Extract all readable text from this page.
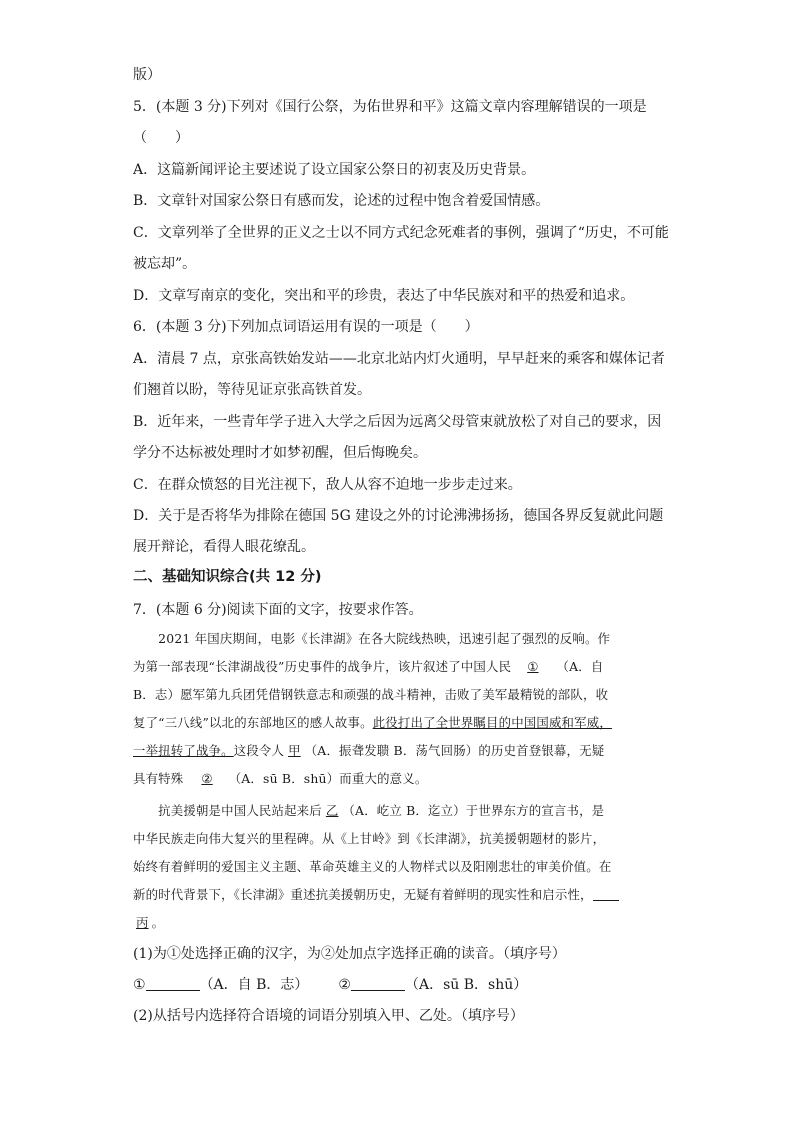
版）
5．(本题 3 分)下列对《国行公祭，为佑世界和平》这篇文章内容理解错误的一项是
（　　）
A．这篇新闻评论主要述说了设立国家公祭日的初衷及历史背景。
B．文章针对国家公祭日有感而发，论述的过程中饱含着爱国情感。
C．文章列举了全世界的正义之士以不同方式纪念死难者的事例，强调了“历史，不可能
被忘却”。
D．文章写南京的变化，突出和平的珍贵，表达了中华民族对和平的热爱和追求。
6．(本题 3 分)下列加点词语运用有误的一项是（　　）
A．清晨 7 点，京张高铁始发站——北京北站内灯火通明，早早赶来的乘客和媒体记者
们翘首以盼，等待见证京张高铁首发。
B．近年来，一些青年学子进入大学之后因为远离父母管束就放松了对自己的要求，因
学分不达标被处理时才如梦初醒，但后悔晚矣。
C．在群众愤怒的目光注视下，敌人从容不迫地一步步走过来。
D．关于是否将华为排除在德国 5G 建设之外的讨论沸沸扬扬，德国各界反复就此问题
展开辩论，看得人眼花缭乱。
二、基础知识综合(共 12 分)
7．(本题 6 分)阅读下面的文字，按要求作答。
　　2021 年国庆期间，电影《长津湖》在各大院线热映，迅速引起了强烈的反响。作
为第一部表现“长津湖战役”历史事件的战争片，该片叙述了中国人民 ① （A．自
B．志）愿军第九兵团凭借钢铁意志和顽强的战斗精神，击败了美军最精锐的部队，收
复了“三八线”以北的东部地区的感人故事。此役打出了全世界瞩目的中国国威和军威，
一举扭转了战争。这段令人 甲 （A．振聋发聩 B．荡气回肠）的历史首登银幕，无疑
具有特殊 ② （A．sū B．shū）而重大的意义。
　　抗美援朝是中国人民站起来后 乙 （A．屹立 B．迄立）于世界东方的宣言书，是
中华民族走向伟大复兴的里程碑。从《上甘岭》到《长津湖》，抗美援朝题材的影片，
始终有着鲜明的爱国主义主题、革命英雄主义的人物样式以及阳刚悲壮的审美价值。在
新的时代背景下，《长津湖》重述抗美援朝历史，无疑有着鲜明的现实性和启示性，
丙 。
(1)为①处选择正确的汉字，为②处加点字选择正确的读音。（填序号）
①	（A．自 B．志） ②	（A．sū B．shū）
(2)从括号内选择符合语境的词语分别填入甲、乙处。（填序号）
